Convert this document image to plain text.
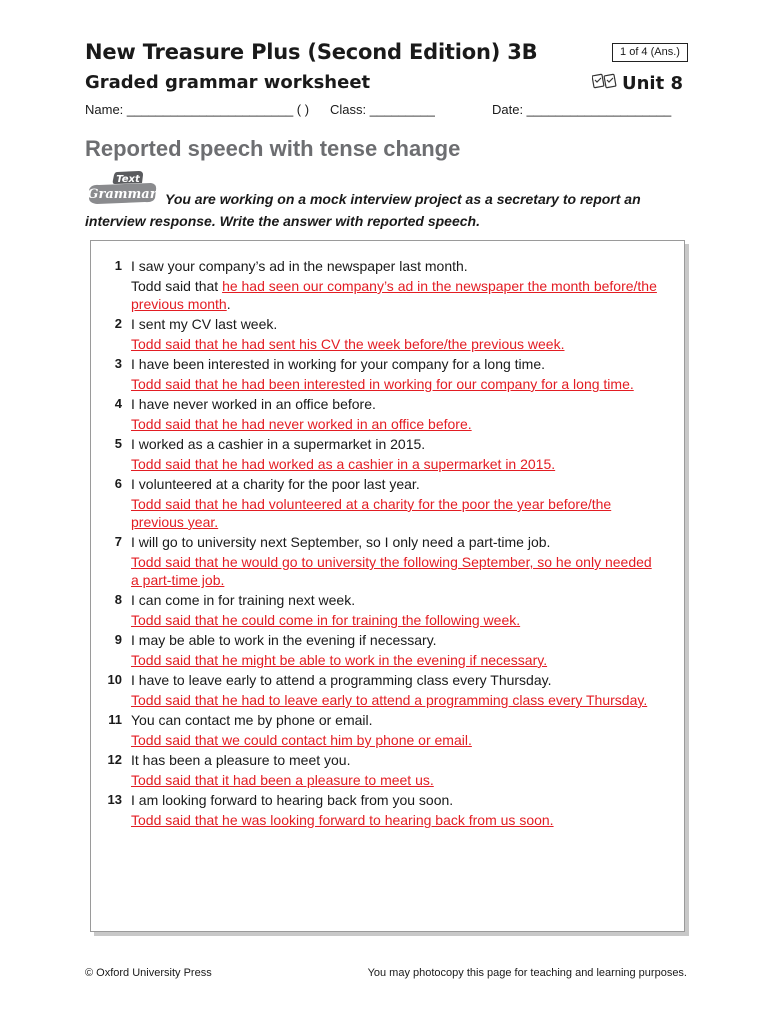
New Treasure Plus (Second Edition) 3B
Graded grammar worksheet
1 of 4 (Ans.)
Unit 8
Name: _______________________ ( ) Class: _________	Date: ____________________
Reported speech with tense change
Text
Grammar You are working on a mock interview project as a secretary to report an interview response. Write the answer with reported speech.
1 I saw your company’s ad in the newspaper last month.
Todd said that he had seen our company’s ad in the newspaper the month before/the previous month.
2 I sent my CV last week.
Todd said that he had sent his CV the week before/the previous week.
3 I have been interested in working for your company for a long time.
Todd said that he had been interested in working for our company for a long time.
4 I have never worked in an office before.
Todd said that he had never worked in an office before.
5 I worked as a cashier in a supermarket in 2015.
Todd said that he had worked as a cashier in a supermarket in 2015.
6 I volunteered at a charity for the poor last year.
Todd said that he had volunteered at a charity for the poor the year before/the previous year.
7 I will go to university next September, so I only need a part-time job.
Todd said that he would go to university the following September, so he only needed a part-time job.
8 I can come in for training next week.
Todd said that he could come in for training the following week.
9 I may be able to work in the evening if necessary.
Todd said that he might be able to work in the evening if necessary.
10 I have to leave early to attend a programming class every Thursday.
Todd said that he had to leave early to attend a programming class every Thursday.
11 You can contact me by phone or email.
Todd said that we could contact him by phone or email.
12 It has been a pleasure to meet you.
Todd said that it had been a pleasure to meet us.
13 I am looking forward to hearing back from you soon.
Todd said that he was looking forward to hearing back from us soon.
© Oxford University Press	You may photocopy this page for teaching and learning purposes.
